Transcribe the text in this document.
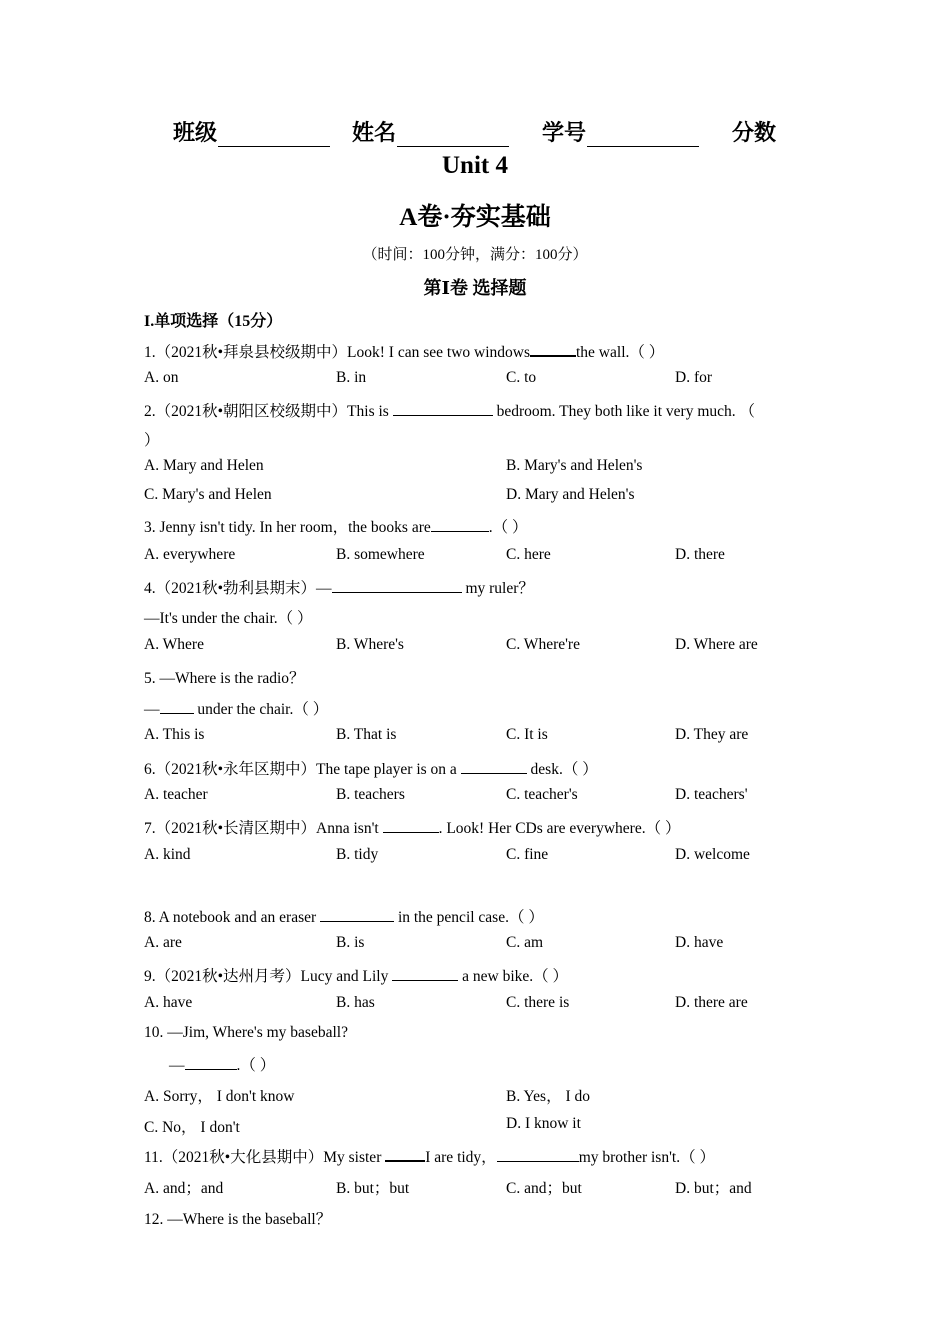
班级	姓名	学号	分数
Unit 4
A卷·夯实基础
（时间：100分钟，满分：100分）
第Ⅰ卷 选择题
I.单项选择（15分）
1.（2021秋•拜泉县校级期中）Look! I can see two windows	the wall.（ ）
A. on	B. in	C. to	D. for
2.（2021秋•朝阳区校级期中）This is	bedroom. They both like it very much. （
）
A. Mary and Helen	B. Mary's and Helen's
C. Mary's and Helen	D. Mary and Helen's
3. Jenny isn't tidy. In her room，the books are	.（ ）
A. everywhere	B. somewhere	C. here	D. there
4.（2021秋•勃利县期末）—	my ruler？
—It's under the chair.（ ）
A. Where	B. Where's	C. Where're	D. Where are
5. —Where is the radio？
— under the chair.（ ）
A. This is	B. That is	C. It is	D. They are
6.（2021秋•永年区期中）The tape player is on a	desk.（ ）
A. teacher	B. teachers	C. teacher's	D. teachers'
7.（2021秋•长清区期中）Anna isn't	. Look! Her CDs are everywhere.（ ）
A. kind	B. tidy	C. fine	D. welcome
8. A notebook and an eraser	in the pencil case.（ ）
A. are	B. is	C. am	D. have
9.（2021秋•达州月考）Lucy and Lily	a new bike.（ ）
A. have	B. has	C. there is	D. there are
10. —Jim, Where's my baseball?
—	.（ ）
A. Sorry， I don't know	B. Yes， I do
C. No， I don't	D. I know it
11.（2021秋•大化县期中）My sister	I are tidy，	my brother isn't.（ ）
A. and；and	B. but；but	C. and；but	D. but；and
12. —Where is the baseball？
